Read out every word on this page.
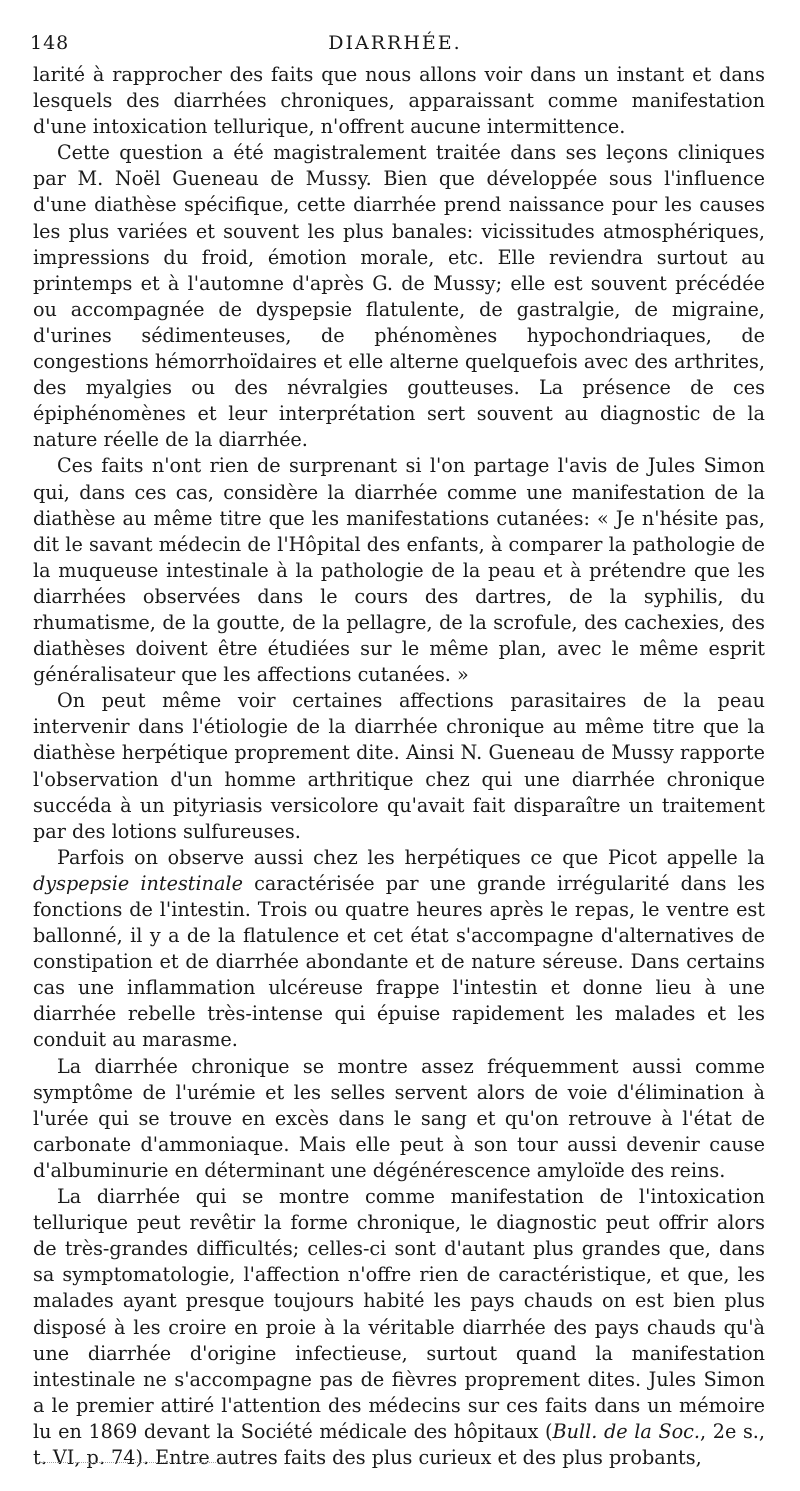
148	DIARRHÉE.

larité à rapprocher des faits que nous allons voir dans un instant et dans lesquels des diarrhées chroniques, apparaissant comme manifestation d'une intoxication tellurique, n'offrent aucune intermittence.

Cette question a été magistralement traitée dans ses leçons cliniques par M. Noël Gueneau de Mussy. Bien que développée sous l'influence d'une diathèse spécifique, cette diarrhée prend naissance pour les causes les plus variées et souvent les plus banales: vicissitudes atmosphériques, impressions du froid, émotion morale, etc. Elle reviendra surtout au printemps et à l'automne d'après G. de Mussy; elle est souvent précédée ou accompagnée de dyspepsie flatulente, de gastralgie, de migraine, d'urines sédimenteuses, de phénomènes hypochondriaques, de congestions hémorrhoïdaires et elle alterne quelquefois avec des arthrites, des myalgies ou des névralgies goutteuses. La présence de ces épiphénomènes et leur interprétation sert souvent au diagnostic de la nature réelle de la diarrhée.

Ces faits n'ont rien de surprenant si l'on partage l'avis de Jules Simon qui, dans ces cas, considère la diarrhée comme une manifestation de la diathèse au même titre que les manifestations cutanées: « Je n'hésite pas, dit le savant médecin de l'Hôpital des enfants, à comparer la pathologie de la muqueuse intestinale à la pathologie de la peau et à prétendre que les diarrhées observées dans le cours des dartres, de la syphilis, du rhumatisme, de la goutte, de la pellagre, de la scrofule, des cachexies, des diathèses doivent être étudiées sur le même plan, avec le même esprit généralisateur que les affections cutanées. »

On peut même voir certaines affections parasitaires de la peau intervenir dans l'étiologie de la diarrhée chronique au même titre que la diathèse herpétique proprement dite. Ainsi N. Gueneau de Mussy rapporte l'observation d'un homme arthritique chez qui une diarrhée chronique succéda à un pityriasis versicolore qu'avait fait disparaître un traitement par des lotions sulfureuses.

Parfois on observe aussi chez les herpétiques ce que Picot appelle la dyspepsie intestinale caractérisée par une grande irrégularité dans les fonctions de l'intestin. Trois ou quatre heures après le repas, le ventre est ballonné, il y a de la flatulence et cet état s'accompagne d'alternatives de constipation et de diarrhée abondante et de nature séreuse. Dans certains cas une inflammation ulcéreuse frappe l'intestin et donne lieu à une diarrhée rebelle très-intense qui épuise rapidement les malades et les conduit au marasme.

La diarrhée chronique se montre assez fréquemment aussi comme symptôme de l'urémie et les selles servent alors de voie d'élimination à l'urée qui se trouve en excès dans le sang et qu'on retrouve à l'état de carbonate d'ammoniaque. Mais elle peut à son tour aussi devenir cause d'albuminurie en déterminant une dégénérescence amyloïde des reins.

La diarrhée qui se montre comme manifestation de l'intoxication tellurique peut revêtir la forme chronique, le diagnostic peut offrir alors de très-grandes difficultés; celles-ci sont d'autant plus grandes que, dans sa symptomatologie, l'affection n'offre rien de caractéristique, et que, les malades ayant presque toujours habité les pays chauds on est bien plus disposé à les croire en proie à la véritable diarrhée des pays chauds qu'à une diarrhée d'origine infectieuse, surtout quand la manifestation intestinale ne s'accompagne pas de fièvres proprement dites. Jules Simon a le premier attiré l'attention des médecins sur ces faits dans un mémoire lu en 1869 devant la Société médicale des hôpitaux (Bull. de la Soc., 2e s., t. VI, p. 74). Entre autres faits des plus curieux et des plus probants,
